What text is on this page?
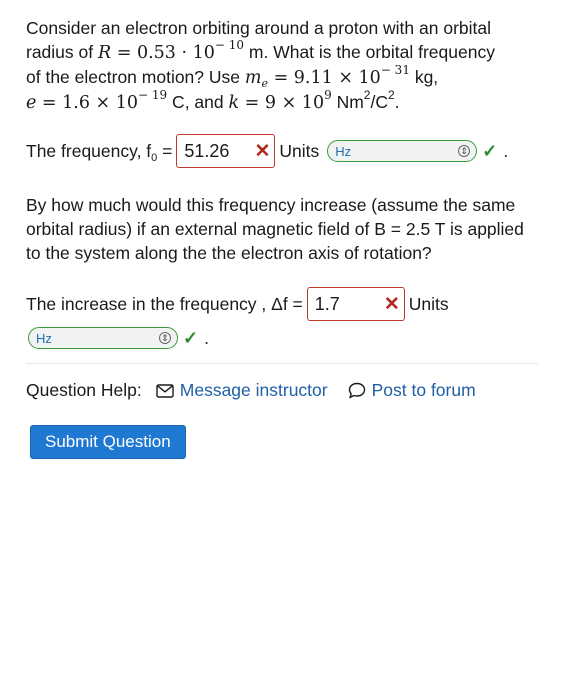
Consider an electron orbiting around a proton with an orbital
radius of $R = 0.53 \cdot 10^{- 10}$ m. What is the orbital frequency
of the electron motion? Use $m_e = 9.11 \times 10^{- 31}$ kg,
$e = 1.6 \times 10^{- 19}$ C, and $k = 9 \times 10^9$ $Nm^2/C^2$.

The frequency, $f_0 = 51.26$ ✕ Units Hz	⇕ ✓ .

By how much would this frequency increase (assume the same orbital radius) if an external magnetic field of B = 2.5 T is applied to the system along the the electron axis of rotation?

The increase in the frequency , Δf = 1.7 ✕ Units
Hz	⇕ ✓ .
Question Help: Message instructor	Post to forum
Submit Question
